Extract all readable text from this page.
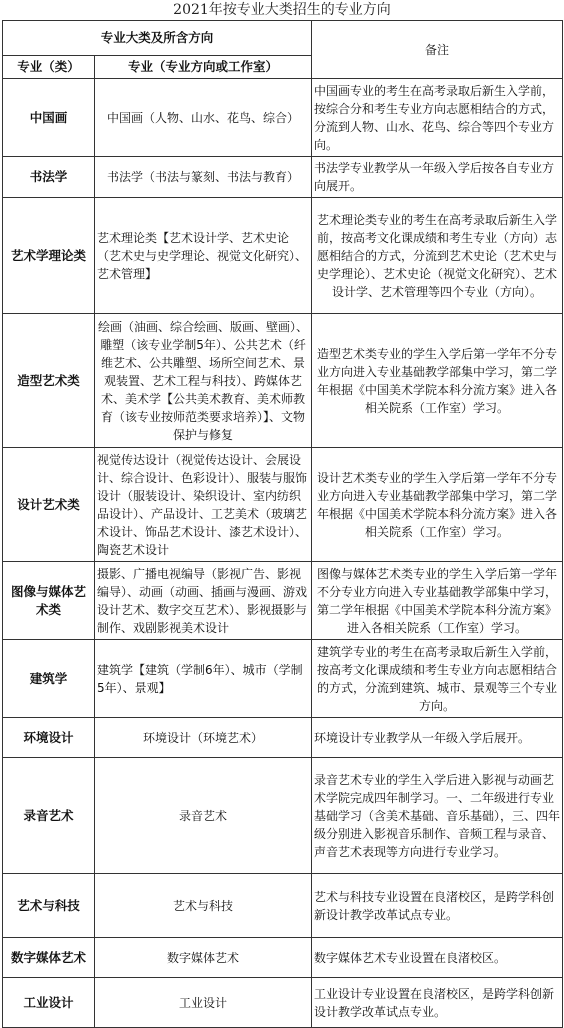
2021年按专业大类招生的专业方向
专业大类及所含方向		备注
专业（类）	专业（专业方向或工作室）	
中国画	中国画（人物、山水、花鸟、综合）	中国画专业的考生在高考录取后新生入学前，按综合分和考生专业方向志愿相结合的方式，分流到人物、山水、花鸟、综合等四个专业方向。
书法学	书法学（书法与篆刻、书法与教育）	书法学专业教学从一年级入学后按各自专业方向展开。
艺术学理论类	艺术理论类【艺术设计学、艺术史论（艺术史与史学理论、视觉文化研究）、艺术管理】	艺术理论类专业的考生在高考录取后新生入学前，按高考文化课成绩和考生专业（方向）志愿相结合的方式，分流到艺术史论（艺术史与史学理论）、艺术史论（视觉文化研究）、艺术设计学、艺术管理等四个专业（方向）。
造型艺术类	绘画（油画、综合绘画、版画、壁画）、雕塑（该专业学制5年）、公共艺术（纤维艺术、公共雕塑、场所空间艺术、景观装置、艺术工程与科技）、跨媒体艺术、美术学【公共美术教育、美术师教育（该专业按师范类要求培养）】、文物保护与修复	造型艺术类专业的学生入学后第一学年不分专业方向进入专业基础教学部集中学习，第二学年根据《中国美术学院本科分流方案》进入各相关院系（工作室）学习。
设计艺术类	视觉传达设计（视觉传达设计、会展设计、综合设计、色彩设计）、服装与服饰设计（服装设计、染织设计、室内纺织品设计）、产品设计、工艺美术（玻璃艺术设计、饰品艺术设计、漆艺术设计）、陶瓷艺术设计	设计艺术类专业的学生入学后第一学年不分专业方向进入专业基础教学部集中学习，第二学年根据《中国美术学院本科分流方案》进入各相关院系（工作室）学习。
图像与媒体艺术类	摄影、广播电视编导（影视广告、影视编导）、动画（动画、插画与漫画、游戏设计艺术、数字交互艺术）、影视摄影与制作、戏剧影视美术设计	图像与媒体艺术类专业的学生入学后第一学年不分专业方向进入专业基础教学部集中学习，第二学年根据《中国美术学院本科分流方案》进入各相关院系（工作室）学习。
建筑学	建筑学【建筑（学制6年）、城市（学制5年）、景观】	建筑学专业的考生在高考录取后新生入学前，按高考文化课成绩和考生专业方向志愿相结合的方式，分流到建筑、城市、景观等三个专业方向。
环境设计	环境设计（环境艺术）	环境设计专业教学从一年级入学后展开。
录音艺术	录音艺术	录音艺术专业的学生入学后进入影视与动画艺术学院完成四年制学习。一、二年级进行专业基础学习（含美术基础、音乐基础），三、四年级分别进入影视音乐制作、音频工程与录音、声音艺术表现等方向进行专业学习。
艺术与科技	艺术与科技	艺术与科技专业设置在良渚校区，是跨学科创新设计教学改革试点专业。
数字媒体艺术	数字媒体艺术	数字媒体艺术专业设置在良渚校区。
工业设计	工业设计	工业设计专业设置在良渚校区，是跨学科创新设计教学改革试点专业。
